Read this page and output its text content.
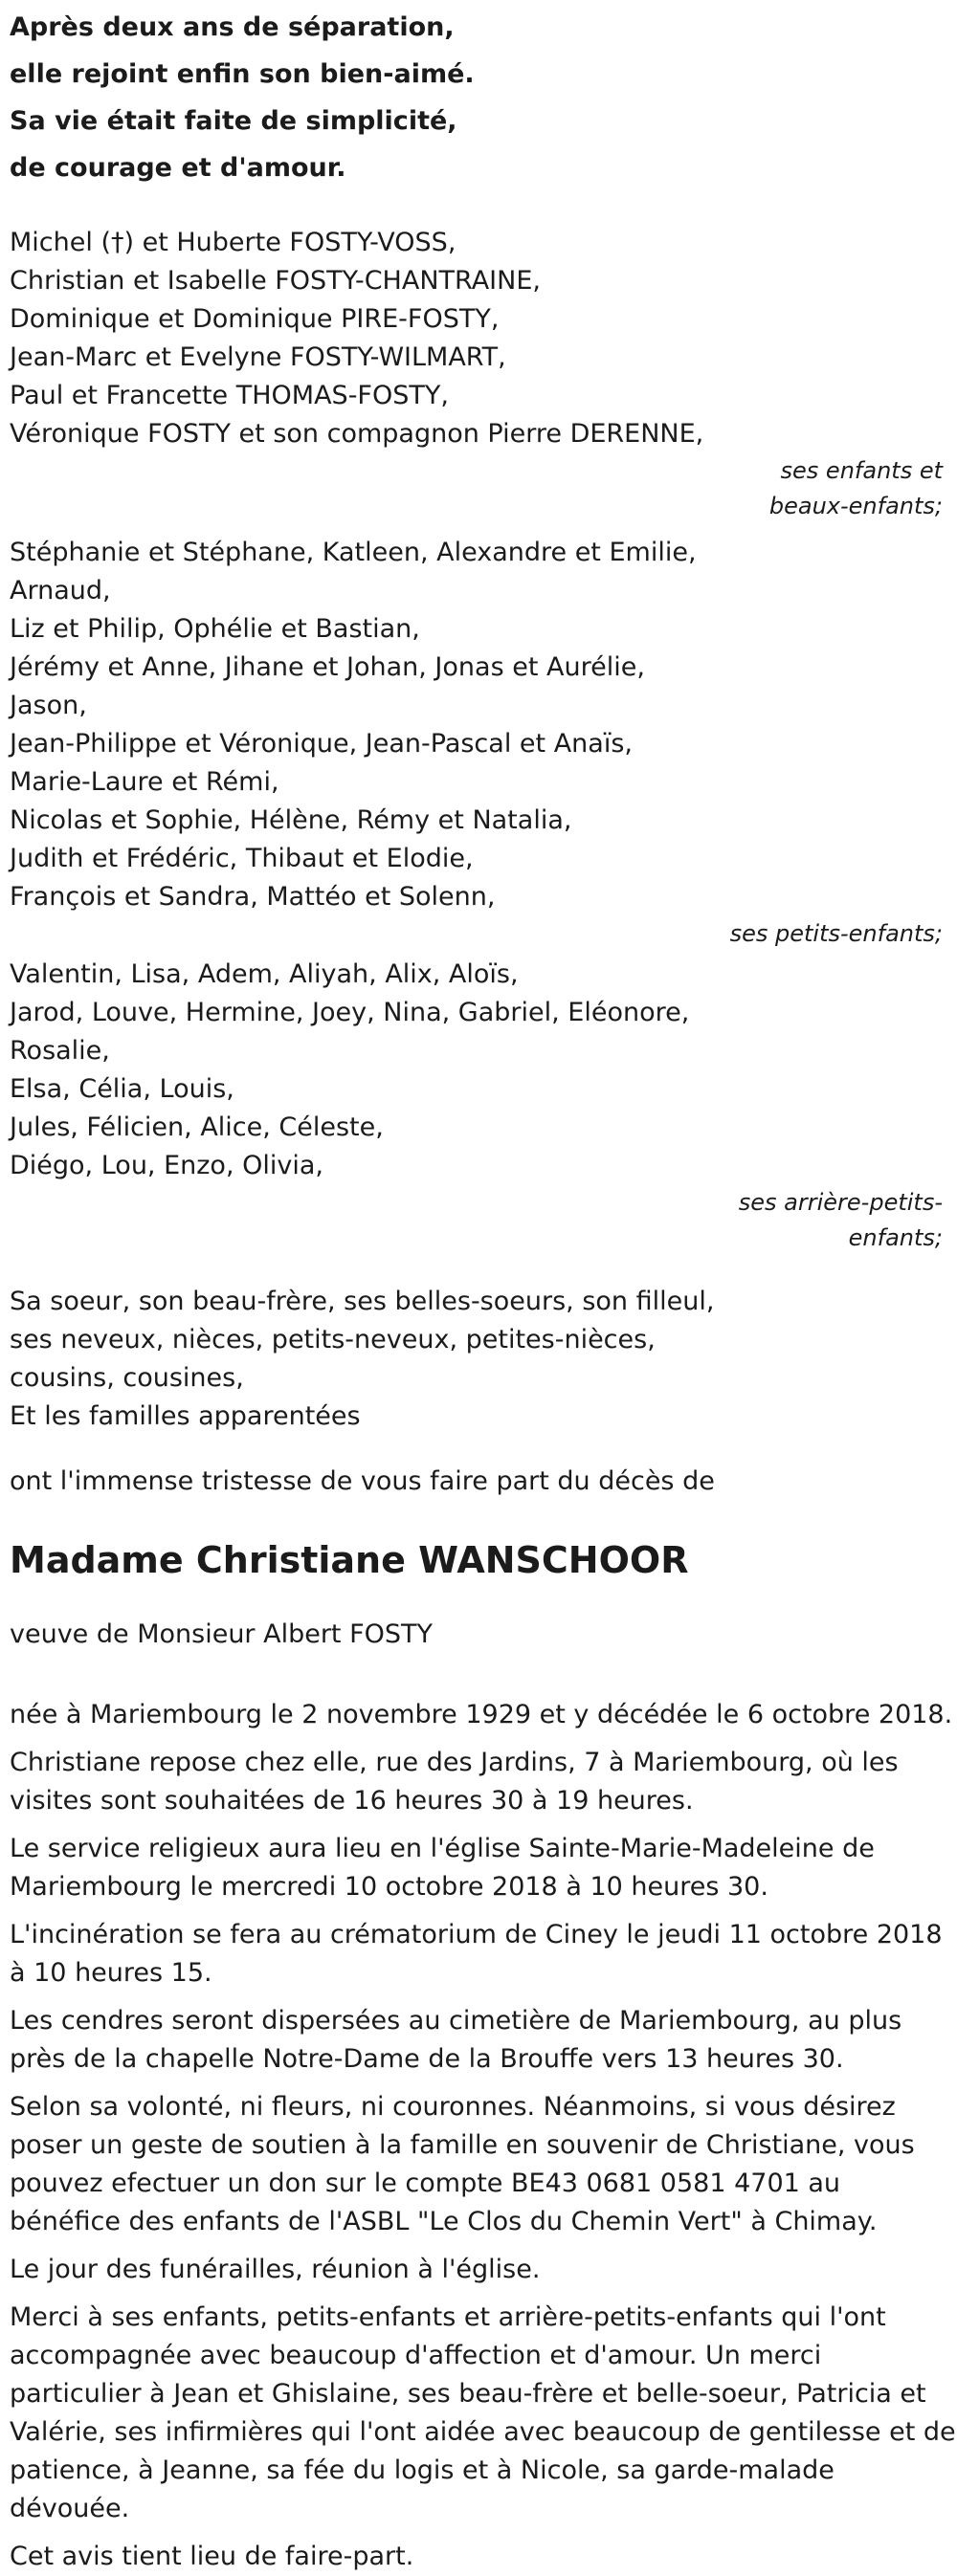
Après deux ans de séparation,

elle rejoint enfin son bien-aimé.

Sa vie était faite de simplicité,

de courage et d'amour.

Michel (†) et Huberte FOSTY-VOSS,

Christian et Isabelle FOSTY-CHANTRAINE,

Dominique et Dominique PIRE-FOSTY,

Jean-Marc et Evelyne FOSTY-WILMART,

Paul et Francette THOMAS-FOSTY,

Véronique FOSTY et son compagnon Pierre DERENNE,

ses enfants et

beaux-enfants;

Stéphanie et Stéphane, Katleen, Alexandre et Emilie,

Arnaud,

Liz et Philip, Ophélie et Bastian,

Jérémy et Anne, Jihane et Johan, Jonas et Aurélie,

Jason,

Jean-Philippe et Véronique, Jean-Pascal et Anaïs,

Marie-Laure et Rémi,

Nicolas et Sophie, Hélène, Rémy et Natalia,

Judith et Frédéric, Thibaut et Elodie,

François et Sandra, Mattéo et Solenn,

ses petits-enfants;

Valentin, Lisa, Adem, Aliyah, Alix, Aloïs,

Jarod, Louve, Hermine, Joey, Nina, Gabriel, Eléonore,

Rosalie,

Elsa, Célia, Louis,

Jules, Félicien, Alice, Céleste,

Diégo, Lou, Enzo, Olivia,

ses arrière-petits-

enfants;

Sa soeur, son beau-frère, ses belles-soeurs, son filleul,

ses neveux, nièces, petits-neveux, petites-nièces,

cousins, cousines,

Et les familles apparentées

ont l'immense tristesse de vous faire part du décès de

Madame Christiane WANSCHOOR

veuve de Monsieur Albert FOSTY

née à Mariembourg le 2 novembre 1929 et y décédée le 6 octobre 2018.

Christiane repose chez elle, rue des Jardins, 7 à Mariembourg, où les visites sont souhaitées de 16 heures 30 à 19 heures.

Le service religieux aura lieu en l'église Sainte-Marie-Madeleine de Mariembourg le mercredi 10 octobre 2018 à 10 heures 30.

L'incinération se fera au crématorium de Ciney le jeudi 11 octobre 2018 à 10 heures 15.

Les cendres seront dispersées au cimetière de Mariembourg, au plus près de la chapelle Notre-Dame de la Brouffe vers 13 heures 30.

Selon sa volonté, ni fleurs, ni couronnes. Néanmoins, si vous désirez poser un geste de soutien à la famille en souvenir de Christiane, vous pouvez efectuer un don sur le compte BE43 0681 0581 4701 au bénéfice des enfants de l'ASBL "Le Clos du Chemin Vert" à Chimay.

Le jour des funérailles, réunion à l'église.

Merci à ses enfants, petits-enfants et arrière-petits-enfants qui l'ont accompagnée avec beaucoup d'affection et d'amour. Un merci particulier à Jean et Ghislaine, ses beau-frère et belle-soeur, Patricia et Valérie, ses infirmières qui l'ont aidée avec beaucoup de gentilesse et de patience, à Jeanne, sa fée du logis et à Nicole, sa garde-malade dévouée.

Cet avis tient lieu de faire-part.
